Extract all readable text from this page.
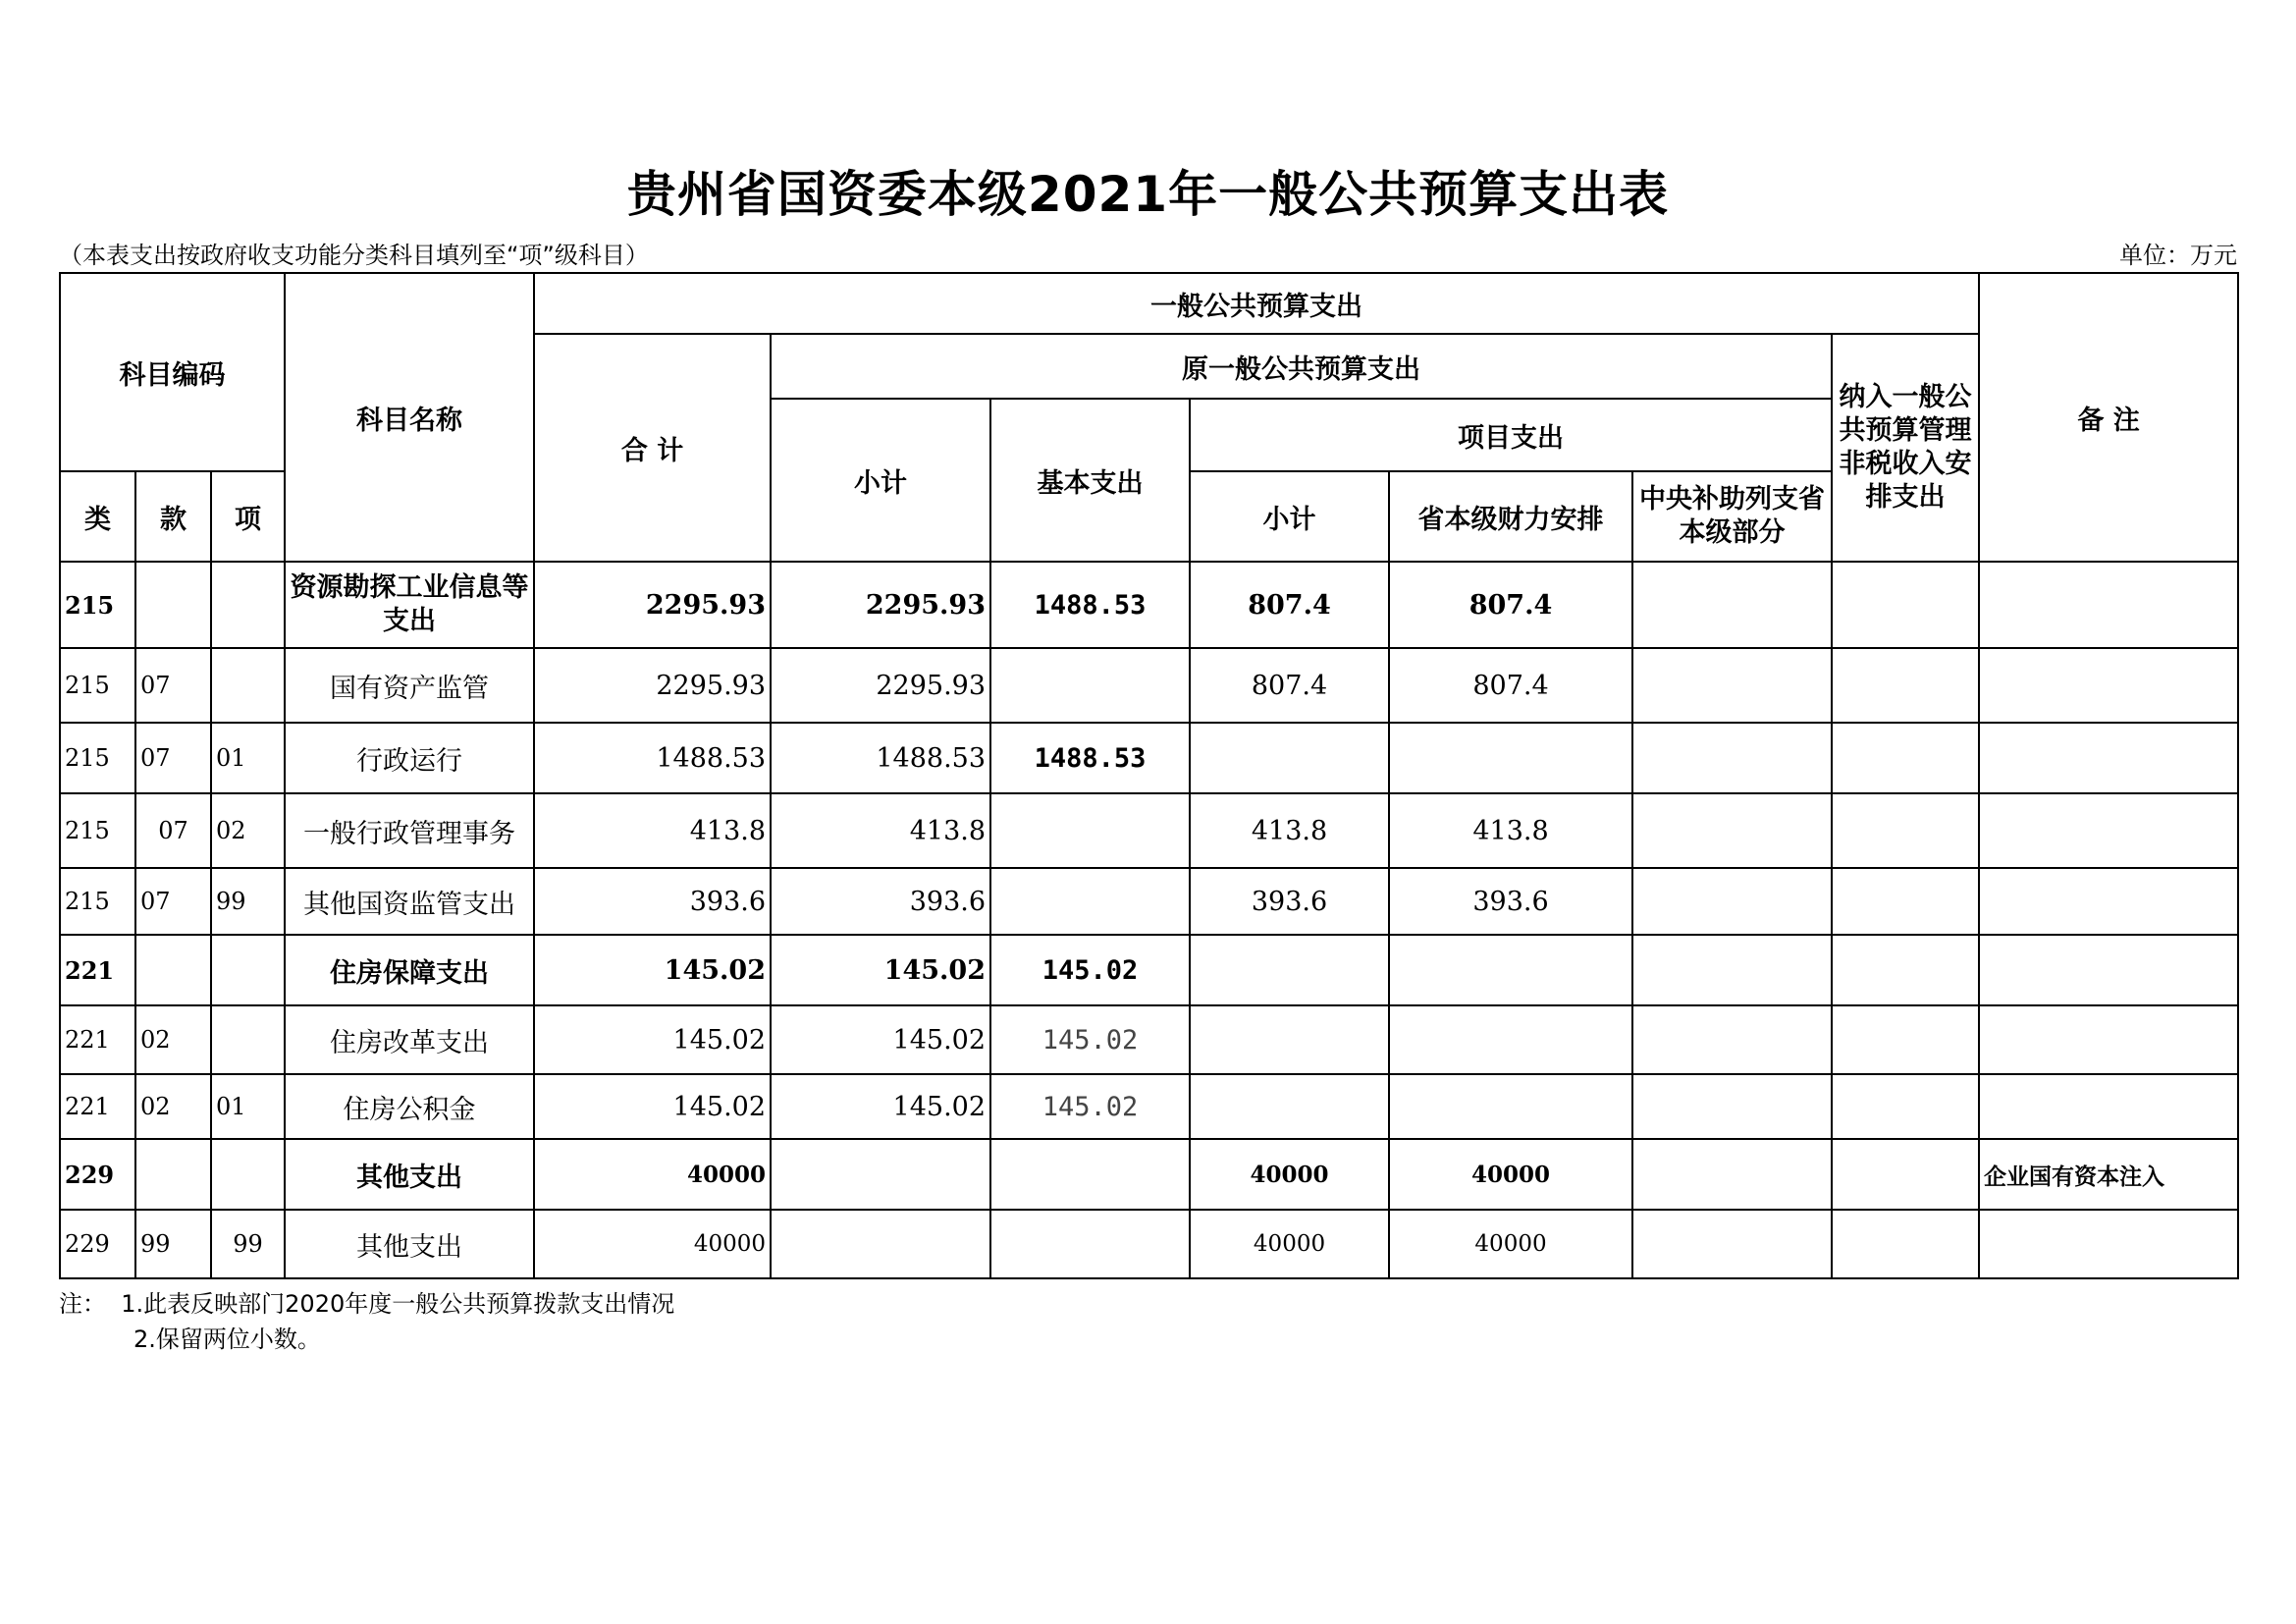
贵州省国资委本级2021年一般公共预算支出表
（本表支出按政府收支功能分类科目填列至“项”级科目）	单位：万元
科目编码			科目名称	一般公共预算支出							备 注
				合 计	原一般公共预算支出					纳入一般公共预算管理非税收入安排支出	
					小计	基本支出	项目支出				
类	款	项					小计	省本级财力安排	中央补助列支省本级部分		
215			资源勘探工业信息等支出	2295.93	2295.93	1488.53	807.4	807.4			
215	07		国有资产监管	2295.93	2295.93		807.4	807.4			
215	07	01	行政运行	1488.53	1488.53	1488.53					
215	07	02	一般行政管理事务	413.8	413.8		413.8	413.8			
215	07	99	其他国资监管支出	393.6	393.6		393.6	393.6			
221			住房保障支出	145.02	145.02	145.02					
221	02		住房改革支出	145.02	145.02	145.02					
221	02	01	住房公积金	145.02	145.02	145.02					
229			其他支出	40000			40000	40000			企业国有资本注入
229	99	99	其他支出	40000			40000	40000			
注： 1.此表反映部门2020年度一般公共预算拨款支出情况
2.保留两位小数。
